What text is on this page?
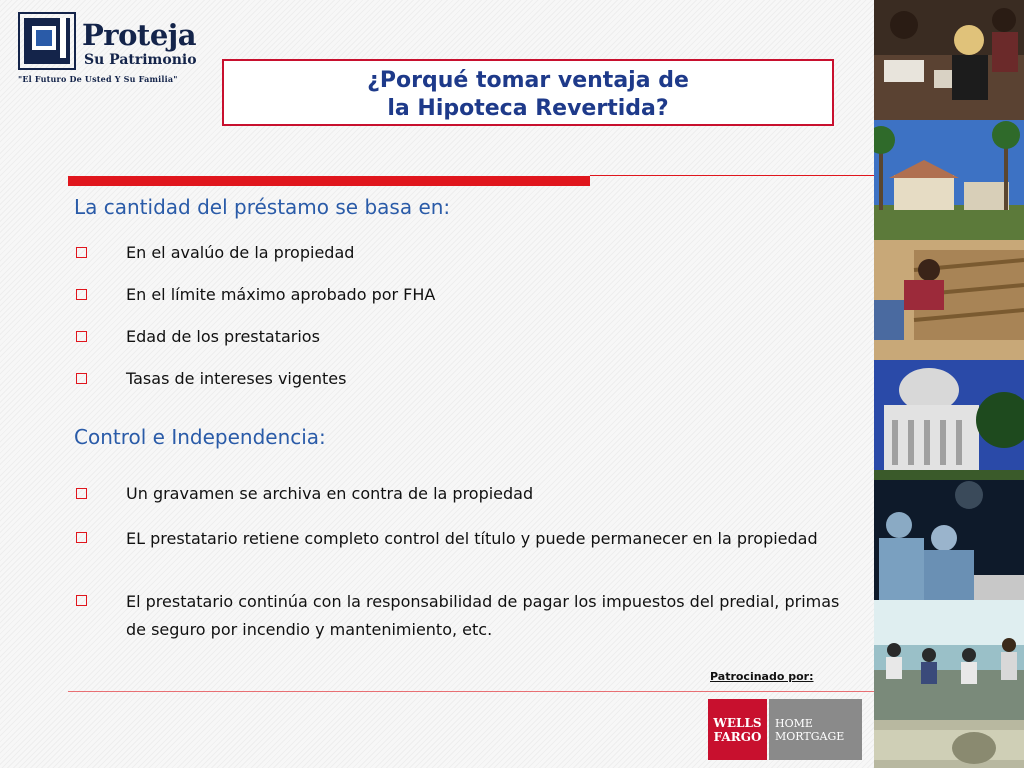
Proteja
Su Patrimonio
"El Futuro De Usted Y Su Familia"	¿Porqué tomar ventaja de
la Hipoteca Revertida?
La cantidad del préstamo se basa en:
En el avalúo de la propiedad
En el límite máximo aprobado por FHA
Edad de los prestatarios
Tasas de intereses vigentes
Control e Independencia:
Un gravamen se archiva en contra de la propiedad
EL prestatario retiene completo control del título y puede permanecer en la propiedad
El prestatario continúa con la responsabilidad de pagar los impuestos del predial, primas de seguro por incendio y mantenimiento, etc.
Patrocinado por:
WELLS
FARGO
HOME
MORTGAGE
